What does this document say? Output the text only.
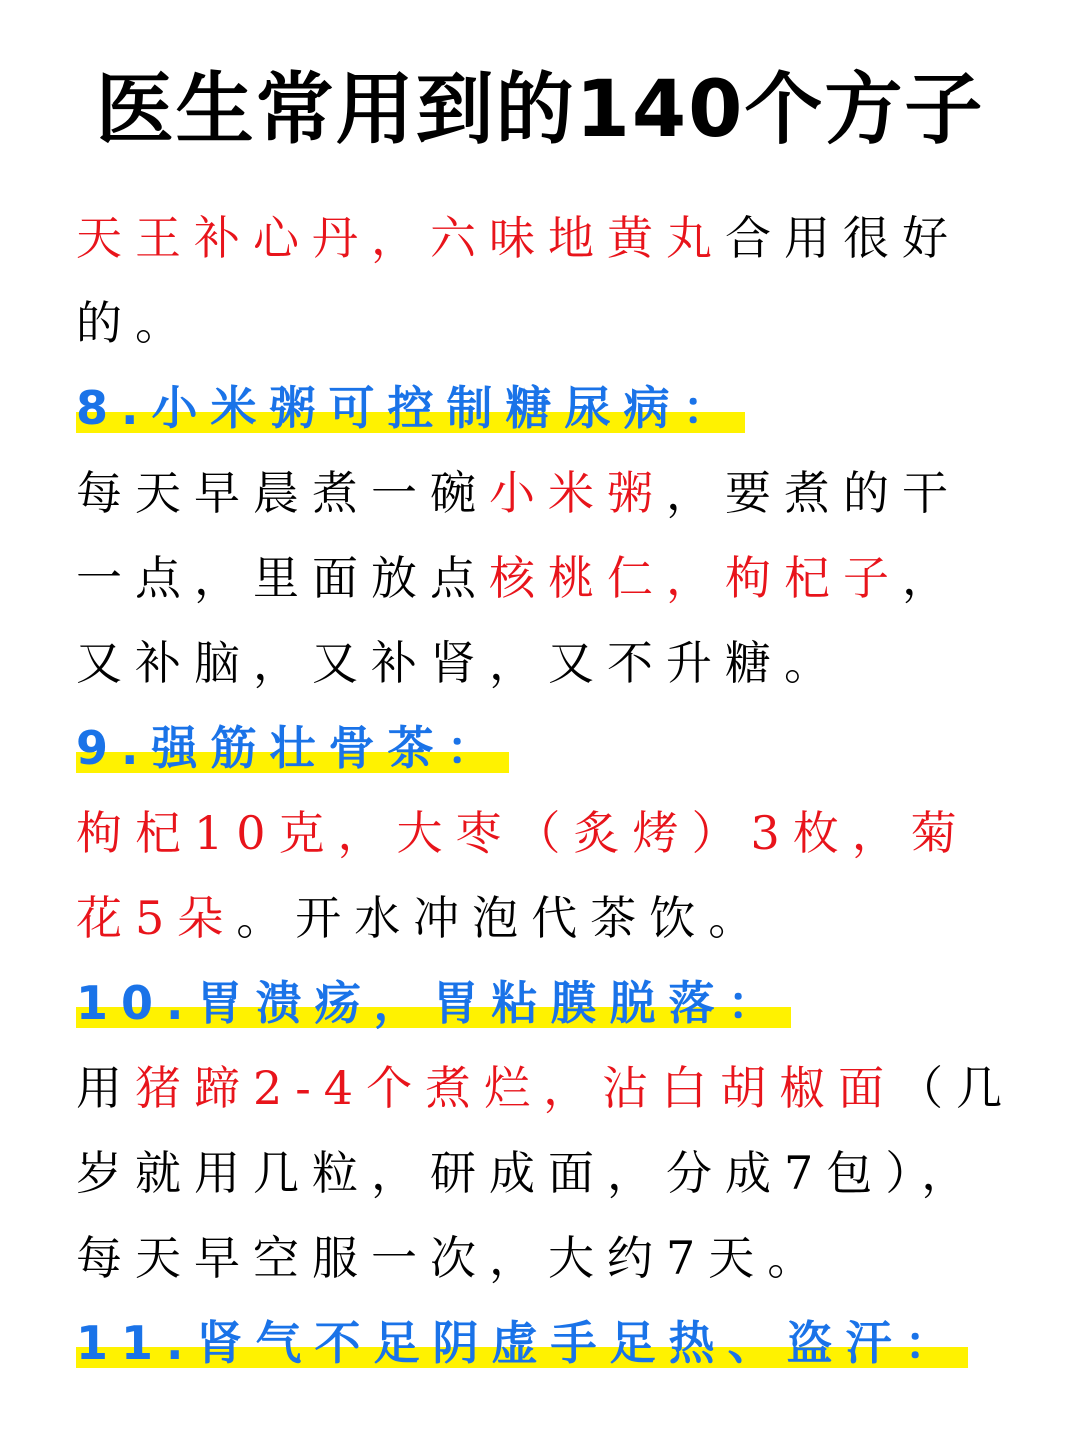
医生常用到的140个方子

天王补心丹，六味地黄丸合用很好的。

8.小米粥可控制糖尿病：

每天早晨煮一碗小米粥，要煮的干一点，里面放点核桃仁，枸杞子，又补脑，又补肾，又不升糖。

9.强筋壮骨茶：

枸杞10克，大枣（炙烤）3枚，菊花5朵。开水冲泡代茶饮。

10.胃溃疡，胃粘膜脱落：

用猪蹄2-4个煮烂，沾白胡椒面（几岁就用几粒，研成面，分成7包），每天早空服一次，大约7天。

11.肾气不足阴虚手足热、盗汗：
